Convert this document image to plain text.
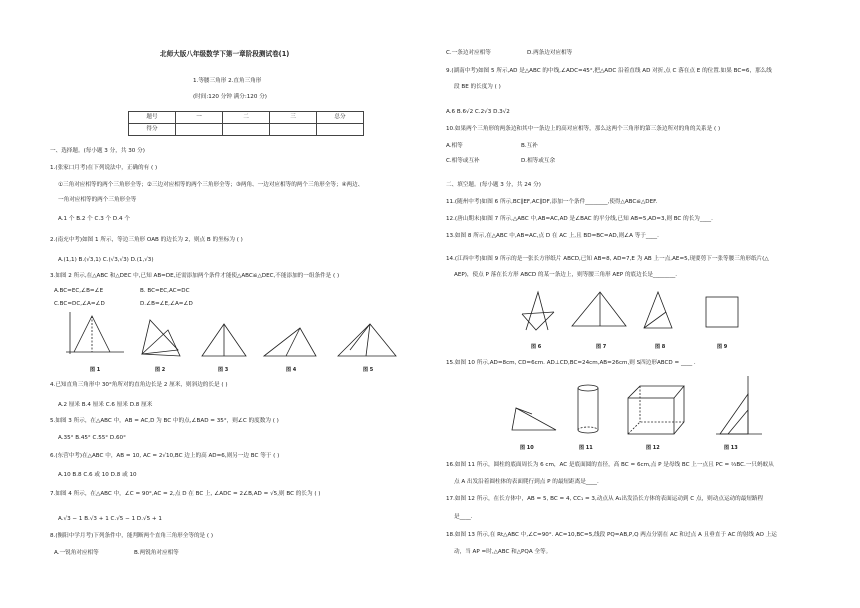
北师大版八年级数学下第一章阶段测试卷(1)
1.等腰三角形 2.直角三角形
(时间:120 分钟 满分:120 分)
题号	一	二	三	总分
得分				
一、选择题。(每小题 3 分，共 30 分)
1.(张家口月考)在下列说法中，正确的有 ( )
①三角对应相等的两个三角形全等；②三边对应相等的两个三角形全等；③两角、一边对应相等的两个三角形全等；④两边、
一角对应相等的两个三角形全等
A.1 个 B.2 个 C.3 个 D.4 个
2.(南充中考)如图 1 所示，等边三角形 OAB 的边长为 2，则点 B 的坐标为 ( )
A.(1,1) B.(√3,1) C.(√3,√3) D.(1,√3)
3.如图 2 所示,在△ABC 和△DEC 中,已知 AB=DE,还需添加两个条件才能使△ABC≌△DEC,不能添加的一组条件是 ( )
A.BC=EC,∠B=∠E	B. BC=EC,AC=DC
C.BC=DC,∠A=∠D	D.∠B=∠E,∠A=∠D
图 1	图 2	图 3	图 4	图 5
4.已知直角三角形中 30°角所对的直角边长是 2 厘米，则斜边的长是 ( )
A.2 厘米 B.4 厘米 C.6 厘米 D.8 厘米
5.如图 3 所示，在△ABC 中，AB = AC,D 为 BC 中的点,∠BAD = 35°，则∠C 的度数为 ( )
A.35° B.45° C.55° D.60°
6.(东营中考)在△ABC 中，AB = 10, AC = 2√10,BC 边上的高 AD=6,则另一边 BC 等于 ( )
A.10 B.8 C.6 或 10 D.8 或 10
7.如图 4 所示，在△ABC 中，∠C = 90°,AC = 2,点 D 在 BC 上, ∠ADC = 2∠B,AD = √5,则 BC 的长为 ( )
A.√3 − 1 B.√3 + 1 C.√5 − 1 D.√5 + 1
8.(衡阳中学月考)下列条件中，能判断两个直角三角形全等的是 ( )
A.一锐角对应相等	B.两锐角对应相等
C.一条边对应相等	D.两条边对应相等
9.(湖南中考)如图 5 所示,AD 是△ABC 的中线,∠ADC=45°,把△ADC 沿着直线 AD 对折,点 C 落在点 E 的位置.如果 BC=6，那么线
段 BE 的长度为 ( )
A.6 B.6√2 C.2√3 D.3√2
10.如果两个三角形的两条边和其中一条边上的高对应相等，那么这两个三角形的第三条边所对的角的关系是 ( )
A.相等	B.互补
C.相等或互补	D.相等或互余
二、填空题。(每小题 3 分，共 24 分)
11.(随州中考)如图 6 所示,BC∥EF,AC∥DF,添加一个条件________,使得△ABC≌△DEF.
12.(唐山期末)如图 7 所示,△ABC 中,AB=AC,AD 是∠BAC 的平分线,已知 AB=5,AD=3,则 BC 的长为____.
13.如图 8 所示,在△ABC 中,AB=AC,点 D 在 AC 上,且 BD=BC=AD,则∠A 等于____.
14.(江西中考)如图 9 所示的是一张长方形纸片 ABCD,已知 AB=8, AD=7,E 为 AB 上一点,AE=5,现要剪下一张等腰三角形纸片(△
AEP)，使点 P 落在长方形 ABCD 的某一条边上，则等腰三角形 AEP 的底边长是________.
图 6	图 7	图 8	图 9
15.如图 10 所示,AD=8cm, CD=6cm. AD⊥CD,BC=24cm,AB=26cm,则 S四边形ABCD = ____ .
图 10	图 11	图 12	图 13
16.如图 11 所示，圆柱的底面周长为 6 cm，AC 是底面圆的直径，高 BC = 6cm,点 P 是母线 BC 上一点且 PC = ⅔BC.一只蚂蚁从
点 A 出发沿着圆柱体的表面爬行到点 P 的最短距离是____.
17.如图 12 所示，在长方体中，AB = 5, BC = 4, CC₁ = 3,动点从 A₁出发沿长方体的表面运动到 C 点，则动点运动的最短路程
是____.
18.如图 13 所示,在 Rt△ABC 中,∠C=90°. AC=10,BC=5,线段 PQ=AB,P,Q 两点分别在 AC 和过点 A 且垂直于 AC 的射线 AO 上运
动，当 AP =时,△ABC 和△PQA 全等。
